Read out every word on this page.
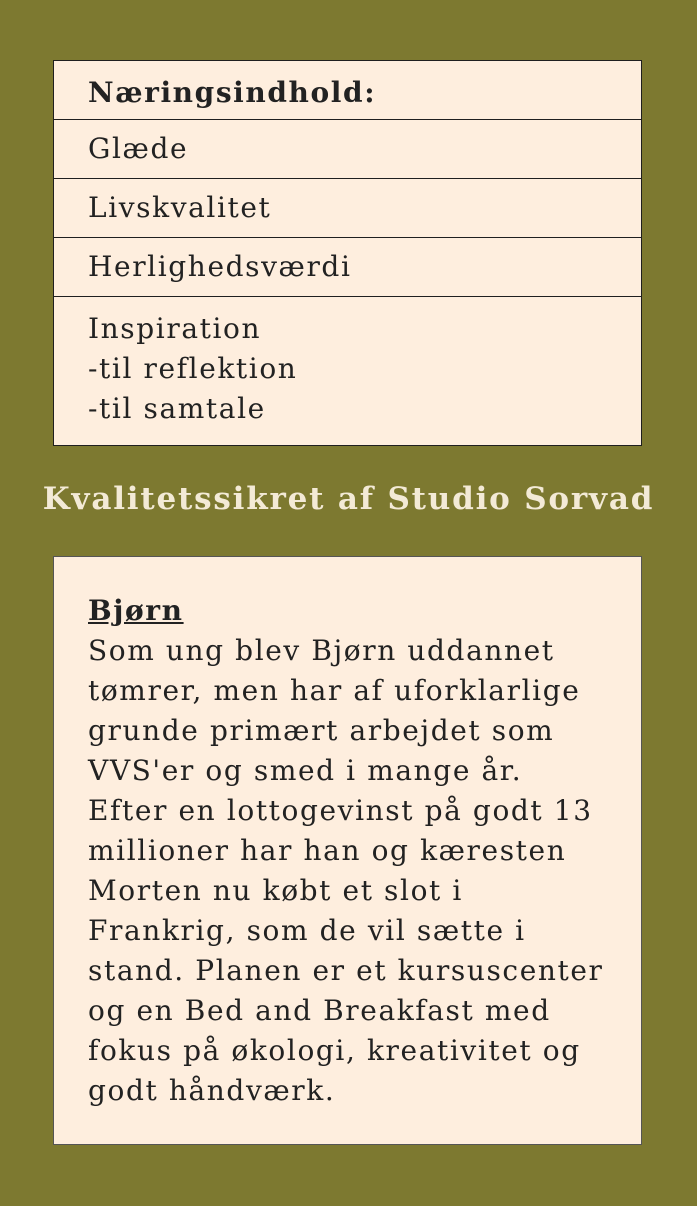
Næringsindhold:
Glæde
Livskvalitet
Herlighedsværdi
Inspiration
-til reflektion
-til samtale
Kvalitetssikret af Studio Sorvad
Bjørn
Som ung blev Bjørn uddannet tømrer, men har af uforklarlige grunde primært arbejdet som VVS'er og smed i mange år. Efter en lottogevinst på godt 13 millioner har han og kæresten Morten nu købt et slot i Frankrig, som de vil sætte i stand. Planen er et kursuscenter og en Bed and Breakfast med fokus på økologi, kreativitet og godt håndværk.
